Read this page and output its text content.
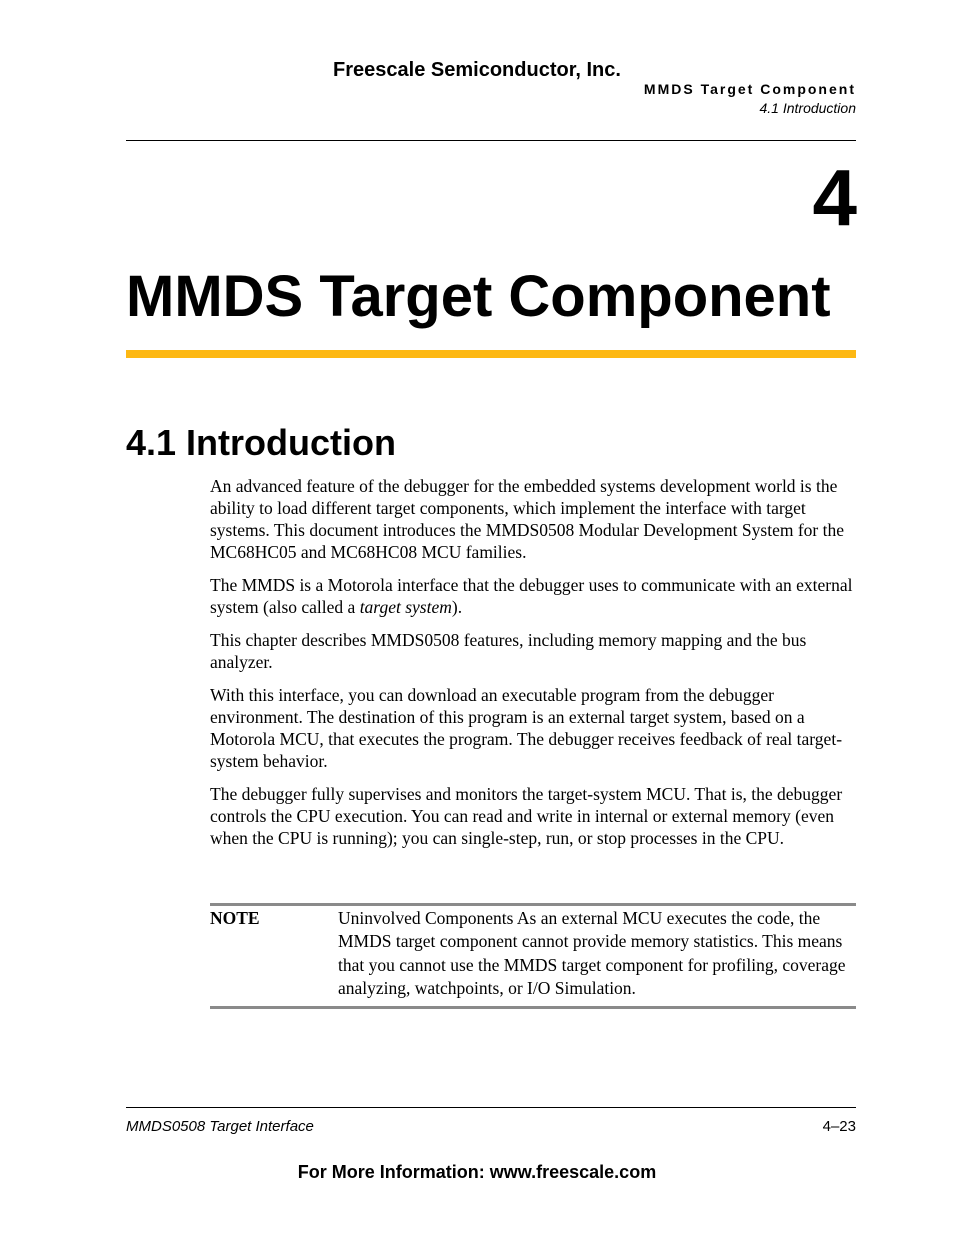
Freescale Semiconductor, Inc.
MMDS Target Component
4.1 Introduction
4
MMDS Target Component
4.1 Introduction

An advanced feature of the debugger for the embedded systems development world is the ability to load different target components, which implement the interface with target systems. This document introduces the MMDS0508 Modular Development System for the MC68HC05 and MC68HC08 MCU families.

The MMDS is a Motorola interface that the debugger uses to communicate with an external system (also called a target system).

This chapter describes MMDS0508 features, including memory mapping and the bus analyzer.

With this interface, you can download an executable program from the debugger environment. The destination of this program is an external target system, based on a Motorola MCU, that executes the program. The debugger receives feedback of real target-system behavior.

The debugger fully supervises and monitors the target-system MCU. That is, the debugger controls the CPU execution. You can read and write in internal or external memory (even when the CPU is running); you can single-step, run, or stop processes in the CPU.

NOTE	Uninvolved Components As an external MCU executes the code, the MMDS target component cannot provide memory statistics. This means that you cannot use the MMDS target component for profiling, coverage analyzing, watchpoints, or I/O Simulation.
MMDS0508 Target Interface	4–23
For More Information: www.freescale.com
